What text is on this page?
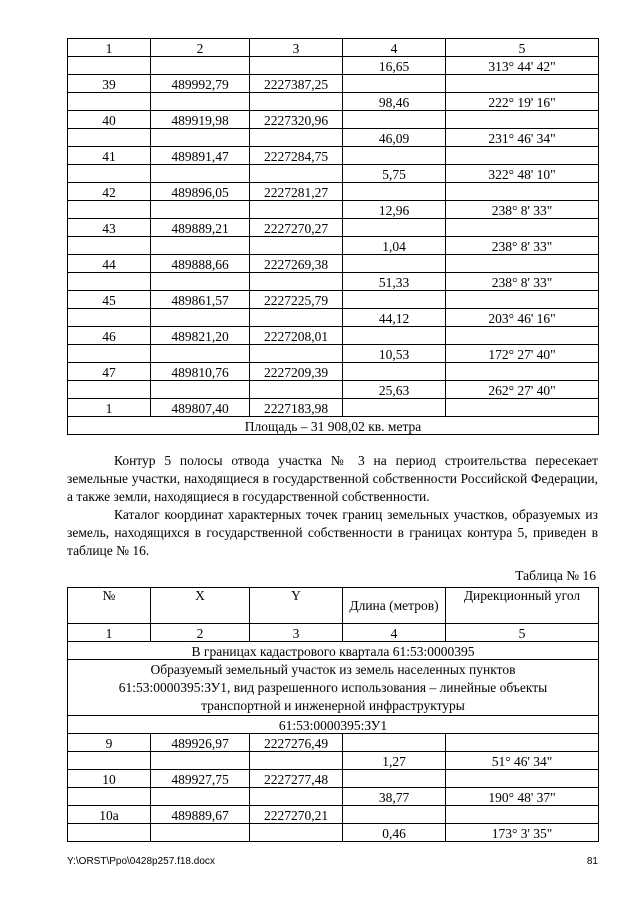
1	2	3	4	5
			16,65	313° 44' 42"
39	489992,79	2227387,25		
			98,46	222° 19' 16"
40	489919,98	2227320,96		
			46,09	231° 46' 34"
41	489891,47	2227284,75		
			5,75	322° 48' 10"
42	489896,05	2227281,27		
			12,96	238° 8' 33"
43	489889,21	2227270,27		
			1,04	238° 8' 33"
44	489888,66	2227269,38		
			51,33	238° 8' 33"
45	489861,57	2227225,79		
			44,12	203° 46' 16"
46	489821,20	2227208,01		
			10,53	172° 27' 40"
47	489810,76	2227209,39		
			25,63	262° 27' 40"
1	489807,40	2227183,98		
Площадь – 31 908,02 кв. метра				

Контур 5 полосы отвода участка № 3 на период строительства пересекает земельные участки, находящиеся в государственной собственности Российской Федерации, а также земли, находящиеся в государственной собственности.

Каталог координат характерных точек границ земельных участков, образуемых из земель, находящихся в государственной собственности в границах контура 5, приведен в таблице № 16.

Таблица № 16
№	X	Y	Длина (метров)	Дирекционный угол
1	2	3	4	5
В границах кадастрового квартала 61:53:0000395				
Образуемый земельный участок из земель населенных пунктов 61:53:0000395:ЗУ1, вид разрешенного использования – линейные объекты транспортной и инженерной инфраструктуры				
61:53:0000395:ЗУ1				
9	489926,97	2227276,49		
			1,27	51° 46' 34"
10	489927,75	2227277,48		
			38,77	190° 48' 37"
10a	489889,67	2227270,21		
			0,46	173° 3' 35"
Y:\ORST\Ppo\0428p257.f18.docx	81
